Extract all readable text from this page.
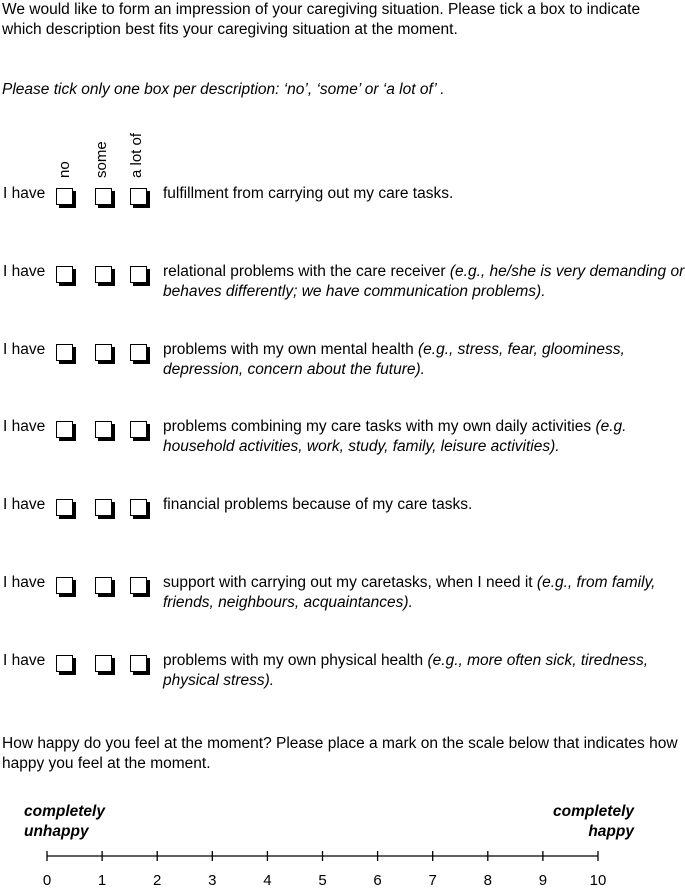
We would like to form an impression of your caregiving situation. Please tick a box to indicate which description best fits your caregiving situation at the moment.
Please tick only one box per description: ‘no’, ‘some’ or ‘a lot of’ .
no some a lot of
I have	fulfillment from carrying out my care tasks.
I have	relational problems with the care receiver (e.g., he/she is very demanding or behaves differently; we have communication problems).
I have	problems with my own mental health (e.g., stress, fear, gloominess, depression, concern about the future).
I have	problems combining my care tasks with my own daily activities (e.g. household activities, work, study, family, leisure activities).
I have	financial problems because of my care tasks.
I have	support with carrying out my caretasks, when I need it (e.g., from family, friends, neighbours, acquaintances).
I have	problems with my own physical health (e.g., more often sick, tiredness, physical stress).
How happy do you feel at the moment? Please place a mark on the scale below that indicates how happy you feel at the moment.
completely
unhappy
completely
happy
0	1	2	3	4	5	6	7	8	9	10
